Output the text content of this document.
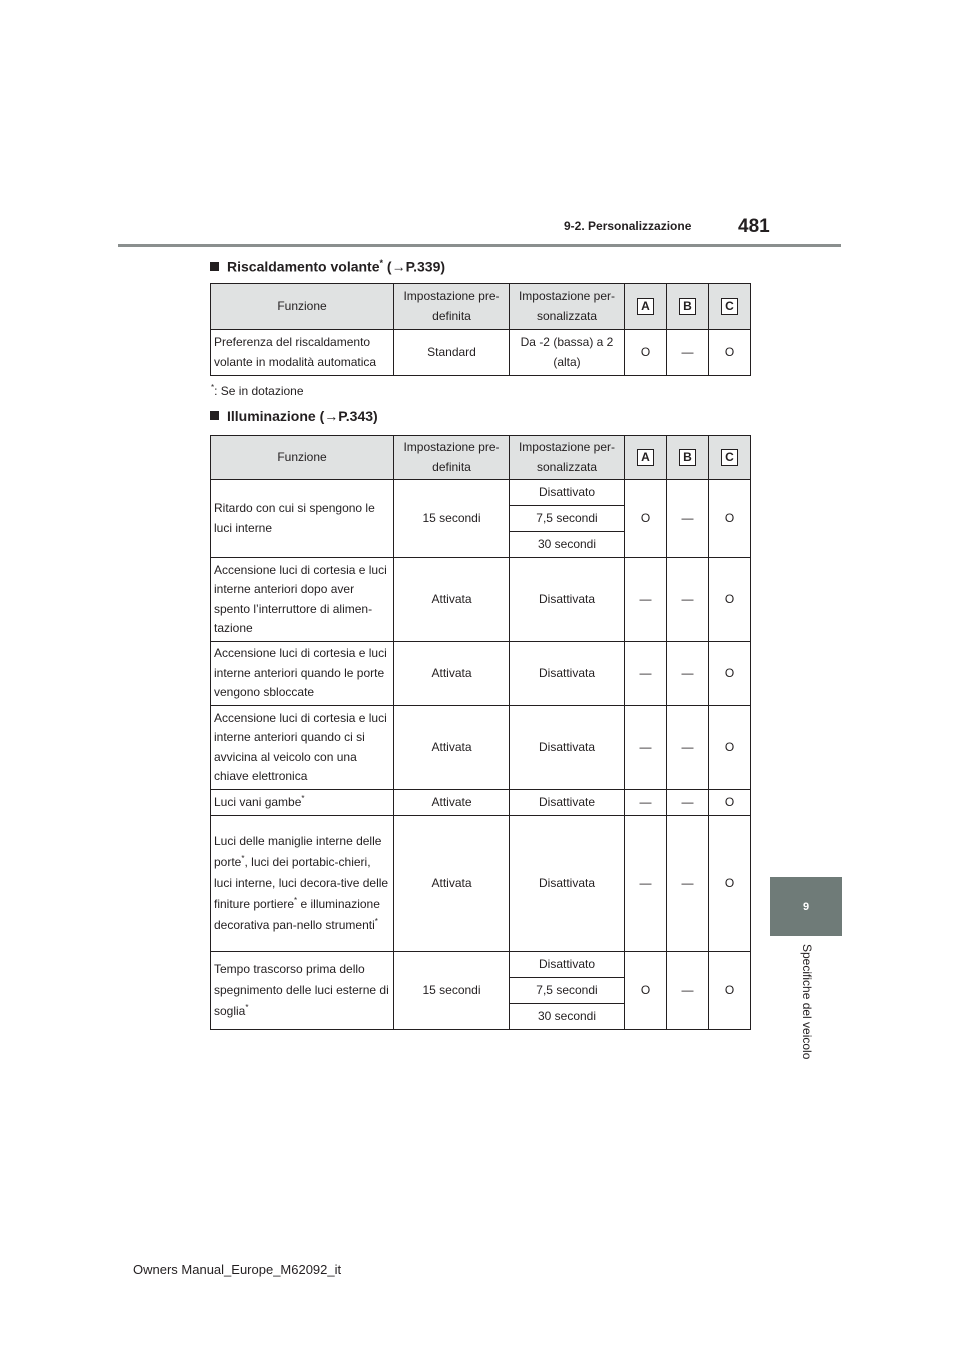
9-2. Personalizzazione 481
9
Specifiche del veicolo
Riscaldamento volante* (→P.339)
Funzione	Impostazione pre-definita	Impostazione per-sonalizzata	A	B	C
Preferenza del riscaldamento volante in modalità automatica	Standard	Da -2 (bassa) a 2 (alta)	O	—	O
*: Se in dotazione
Illuminazione (→P.343)
Funzione	Impostazione pre-definita	Impostazione per-sonalizzata	A	B	C
Ritardo con cui si spengono le luci interne	15 secondi	Disattivato	O	—	O
		7,5 secondi			
		30 secondi			
Accensione luci di cortesia e luci interne anteriori dopo aver spento l’interruttore di alimen-tazione	Attivata	Disattivata	—	—	O
Accensione luci di cortesia e luci interne anteriori quando le porte vengono sbloccate	Attivata	Disattivata	—	—	O
Accensione luci di cortesia e luci interne anteriori quando ci si avvicina al veicolo con una chiave elettronica	Attivata	Disattivata	—	—	O
Luci vani gambe*	Attivate	Disattivate	—	—	O
Luci delle maniglie interne delle porte*, luci dei portabic-chieri, luci interne, luci decora-tive delle finiture portiere* e illuminazione decorativa pan-nello strumenti*	Attivata	Disattivata	—	—	O
Tempo trascorso prima dello spegnimento delle luci esterne di soglia*	15 secondi	Disattivato	O	—	O
		7,5 secondi			
		30 secondi			
Owners Manual_Europe_M62092_it
